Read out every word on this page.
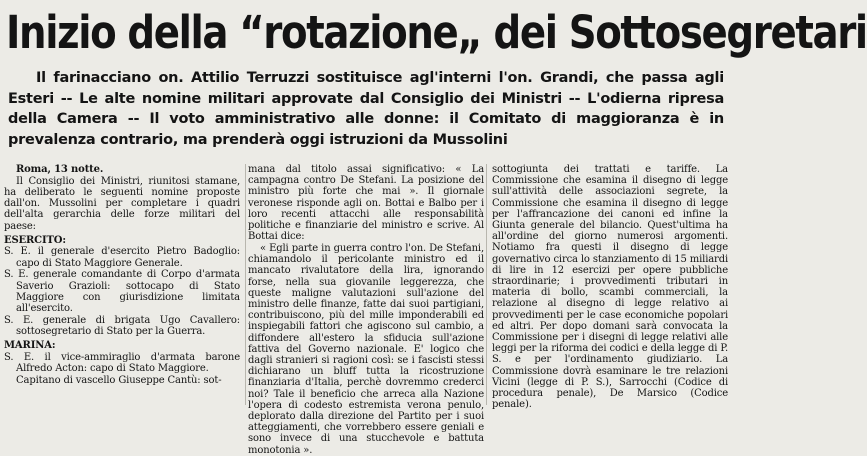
Inizio della “rotazione„ dei Sottosegretari
Il farinacciano on. Attilio Terruzzi sostituisce agl'interni l'on. Grandi, che passa agli Esteri -- Le alte nomine militari approvate dal Consiglio dei Ministri -- L'odierna ripresa della Camera -- Il voto amministrativo alle donne: il Comitato di maggioranza è in prevalenza contrario, ma prenderà oggi istruzioni da Mussolini

Roma, 13 notte.

Il Consiglio dei Ministri, riunitosi stamane, ha deliberato le seguenti nomine proposte dall'on. Mussolini per completare i quadri dell'alta gerarchia delle forze militari del paese:

ESERCITO:

S. E. il generale d'esercito Pietro Badoglio: capo di Stato Maggiore Generale.

S. E. generale comandante di Corpo d'armata Saverio Grazioli: sottocapo di Stato Maggiore con giurisdizione limitata all'esercito.

S. E. generale di brigata Ugo Cavallero: sottosegretario di Stato per la Guerra.

MARINA:

S. E. il vice-ammiraglio d'armata barone Alfredo Acton: capo di Stato Maggiore.

Capitano di vascello Giuseppe Cantù: sot-

mana dal titolo assai significativo: « La campagna contro De Stefani. La posizione del ministro più forte che mai ». Il giornale veronese risponde agli on. Bottai e Balbo per i loro recenti attacchi alle responsabilità politiche e finanziarie del ministro e scrive. Al Bottai dice:

« Egli parte in guerra contro l'on. De Stefani, chiamandolo il pericolante ministro ed il mancato rivalutatore della lira, ignorando forse, nella sua giovanile leggerezza, che queste maligne valutazioni sull'azione del ministro delle finanze, fatte dai suoi partigiani, contribuiscono, più del mille imponderabili ed inspiegabili fattori che agiscono sul cambio, a diffondere all'estero la sfiducia sull'azione fattiva del Governo nazionale. E' logico che dagli stranieri si ragioni così: se i fascisti stessi dichiarano un bluff tutta la ricostruzione finanziaria d'Italia, perchè dovremmo crederci noi? Tale il beneficio che arreca alla Nazione l'opera di codesto estremista verona penulo, deplorato dalla direzione del Partito per i suoi atteggiamenti, che vorrebbero essere geniali e sono invece di una stucchevole e battuta monotonia ».

sottogiunta dei trattati e tariffe. La Commissione che esamina il disegno di legge sull'attività delle associazioni segrete, la Commissione che esamina il disegno di legge per l'affrancazione dei canoni ed infine la Giunta generale del bilancio. Quest'ultima ha all'ordine del giorno numerosi argomenti. Notiamo fra questi il disegno di legge governativo circa lo stanziamento di 15 miliardi di lire in 12 esercizi per opere pubbliche straordinarie; i provvedimenti tributari in materia di bollo, scambi commerciali, la relazione al disegno di legge relativo ai provvedimenti per le case economiche popolari ed altri. Per dopo domani sarà convocata la Commissione per i disegni di legge relativi alle leggi per la riforma dei codici e della legge di P. S. e per l'ordinamento giudiziario. La Commissione dovrà esaminare le tre relazioni Vicini (legge di P. S.), Sarrocchi (Codice di procedura penale), De Marsico (Codice penale).
